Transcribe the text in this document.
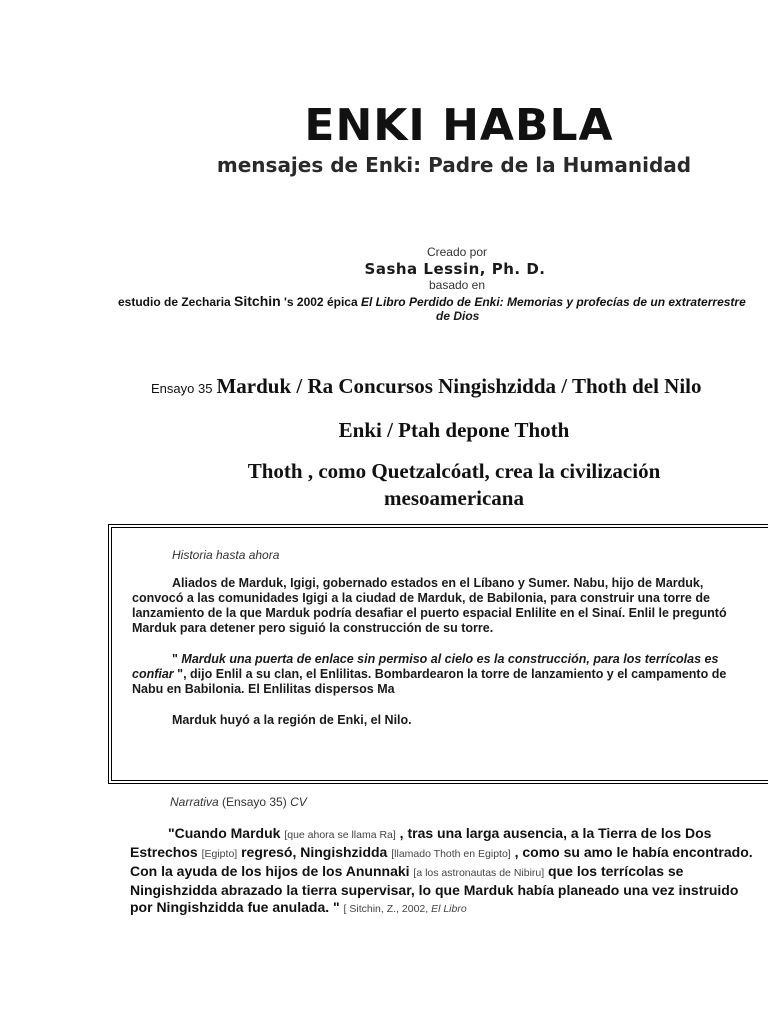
ENKI HABLA
mensajes de Enki: Padre de la Humanidad
Creado por
Sasha Lessin, Ph. D.
basado en
estudio de Zecharia Sitchin 's 2002 épica El Libro Perdido de Enki: Memorias y profecías de un extraterrestre
de Dios
Ensayo 35 Marduk / Ra Concursos Ningishzidda / Thoth del Nilo
Enki / Ptah depone Thoth
Thoth , como Quetzalcóatl, crea la civilización
mesoamericana

Historia hasta ahora

Aliados de Marduk, Igigi, gobernado estados en el Líbano y Sumer. Nabu, hijo de Marduk, convocó a las comunidades Igigi a la ciudad de Marduk, de Babilonia, para construir una torre de lanzamiento de la que Marduk podría desafiar el puerto espacial Enlilite en el Sinaí. Enlil le preguntó Marduk para detener pero siguió la construcción de su torre.

" Marduk una puerta de enlace sin permiso al cielo es la construcción, para los terrícolas es confiar ", dijo Enlil a su clan, el Enlilitas. Bombardearon la torre de lanzamiento y el campamento de Nabu en Babilonia. El Enlilitas dispersos Ma

Marduk huyó a la región de Enki, el Nilo.

Narrativa (Ensayo 35) CV
"Cuando Marduk [que ahora se llama Ra] , tras una larga ausencia, a la Tierra de los Dos Estrechos [Egipto] regresó, Ningishzidda [llamado Thoth en Egipto] , como su amo le había encontrado. Con la ayuda de los hijos de los Anunnaki [a los astronautas de Nibiru] que los terrícolas se Ningishzidda abrazado la tierra supervisar, lo que Marduk había planeado una vez instruido por Ningishzidda fue anulada. " [ Sitchin, Z., 2002, El Libro
